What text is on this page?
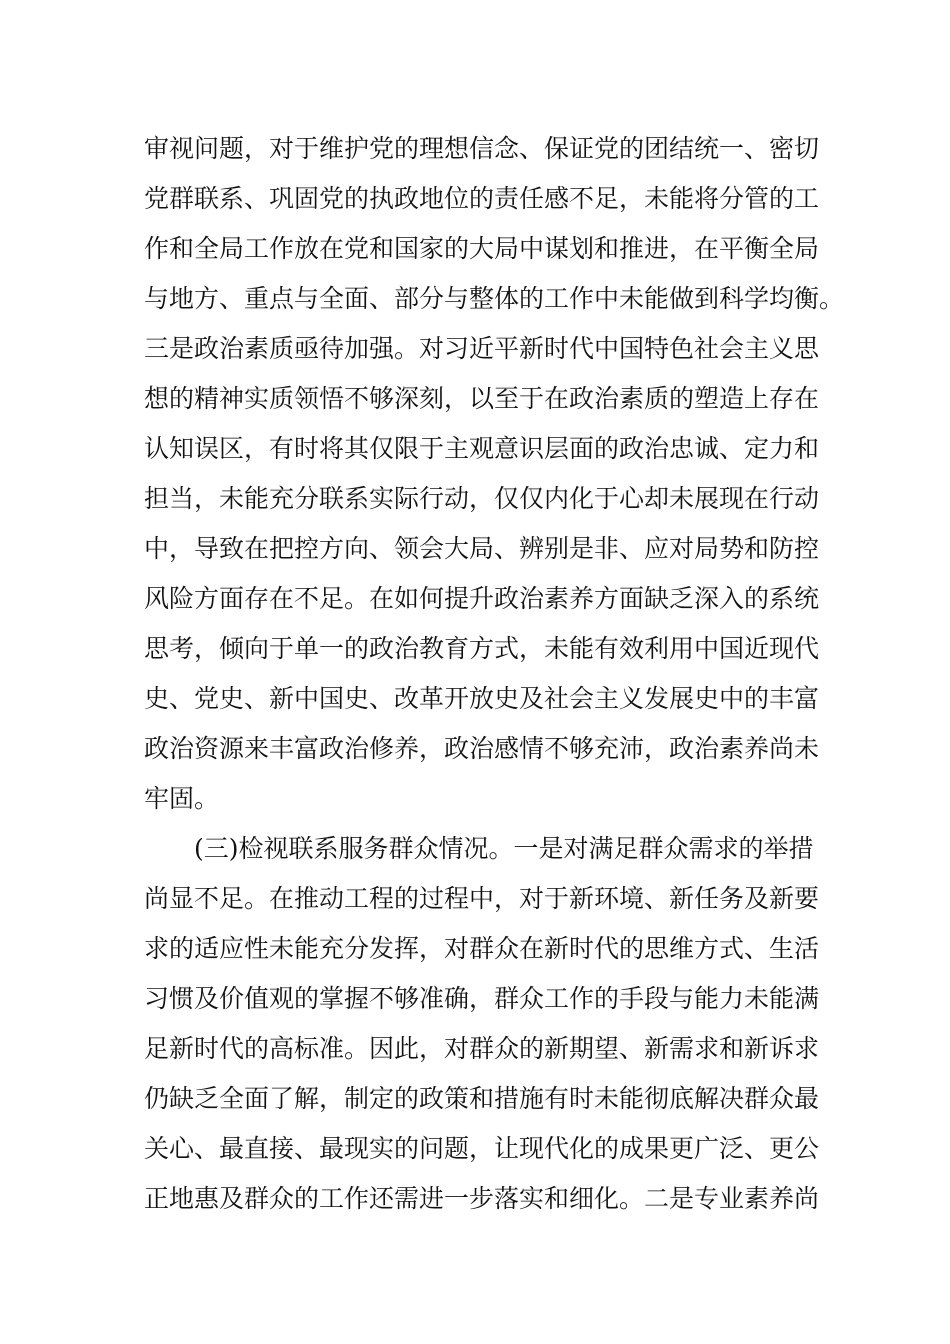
审视问题，对于维护党的理想信念、保证党的团结统一、密切
党群联系、巩固党的执政地位的责任感不足，未能将分管的工
作和全局工作放在党和国家的大局中谋划和推进，在平衡全局
与地方、重点与全面、部分与整体的工作中未能做到科学均衡。
三是政治素质亟待加强。对习近平新时代中国特色社会主义思
想的精神实质领悟不够深刻，以至于在政治素质的塑造上存在
认知误区，有时将其仅限于主观意识层面的政治忠诚、定力和
担当，未能充分联系实际行动，仅仅内化于心却未展现在行动
中，导致在把控方向、领会大局、辨别是非、应对局势和防控
风险方面存在不足。在如何提升政治素养方面缺乏深入的系统
思考，倾向于单一的政治教育方式，未能有效利用中国近现代
史、党史、新中国史、改革开放史及社会主义发展史中的丰富
政治资源来丰富政治修养，政治感情不够充沛，政治素养尚未
牢固。
(三)检视联系服务群众情况。一是对满足群众需求的举措
尚显不足。在推动工程的过程中，对于新环境、新任务及新要
求的适应性未能充分发挥，对群众在新时代的思维方式、生活
习惯及价值观的掌握不够准确，群众工作的手段与能力未能满
足新时代的高标准。因此，对群众的新期望、新需求和新诉求
仍缺乏全面了解，制定的政策和措施有时未能彻底解决群众最
关心、最直接、最现实的问题，让现代化的成果更广泛、更公
正地惠及群众的工作还需进一步落实和细化。二是专业素养尚
